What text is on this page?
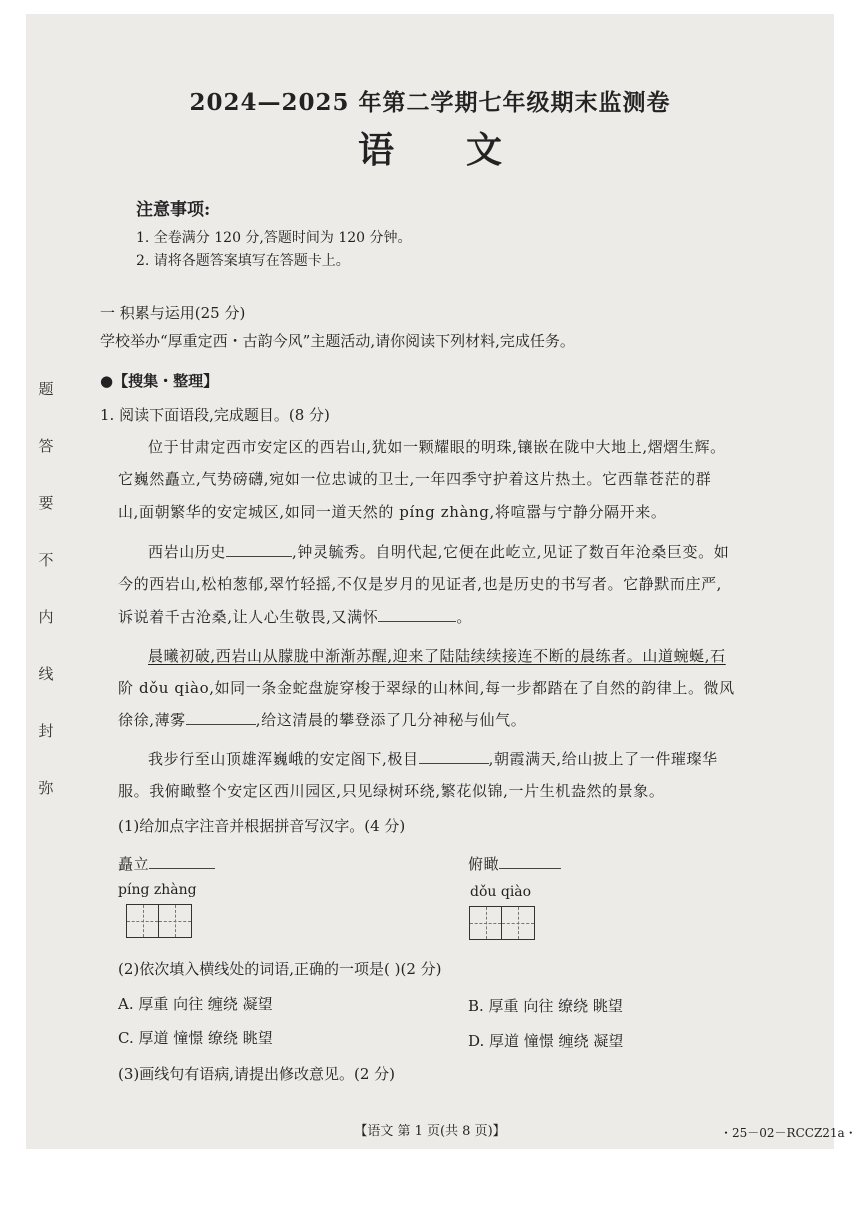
题
答
要
不
内
线
封
弥
2024—2025 年第二学期七年级期末监测卷
语文
注意事项:
1. 全卷满分 120 分,答题时间为 120 分钟。
2. 请将各题答案填写在答题卡上。
一 积累与运用(25 分)
学校举办“厚重定西・古韵今风”主题活动,请你阅读下列材料,完成任务。
●【搜集・整理】
1. 阅读下面语段,完成题目。(8 分)
位于甘肃定西市安定区的西岩山,犹如一颗耀眼的明珠,镶嵌在陇中大地上,熠熠生辉。
它巍然矗立,气势磅礴,宛如一位忠诚的卫士,一年四季守护着这片热土。它西靠苍茫的群
山,面朝繁华的安定城区,如同一道天然的 píng zhàng,将喧嚣与宁静分隔开来。
西岩山历史	,钟灵毓秀。自明代起,它便在此屹立,见证了数百年沧桑巨变。如
今的西岩山,松柏葱郁,翠竹轻摇,不仅是岁月的见证者,也是历史的书写者。它静默而庄严,
诉说着千古沧桑,让人心生敬畏,又满怀	。
晨曦初破,西岩山从朦胧中渐渐苏醒,迎来了陆陆续续接连不断的晨练者。山道蜿蜒,石
阶 dǒu qiào,如同一条金蛇盘旋穿梭于翠绿的山林间,每一步都踏在了自然的韵律上。微风
徐徐,薄雾	,给这清晨的攀登添了几分神秘与仙气。
我步行至山顶雄浑巍峨的安定阁下,极目	,朝霞满天,给山披上了一件璀璨华
服。我俯瞰整个安定区西川园区,只见绿树环绕,繁花似锦,一片生机盎然的景象。
(1)给加点字注音并根据拼音写汉字。(4 分)
矗立	俯瞰
píng zhàng	dǒu qiào
(2)依次填入横线处的词语,正确的一项是( )(2 分)
A. 厚重 向往 缠绕 凝望	B. 厚重 向往 缭绕 眺望
C. 厚道 憧憬 缭绕 眺望	D. 厚道 憧憬 缠绕 凝望
(3)画线句有语病,请提出修改意见。(2 分)
【语文 第 1 页(共 8 页)】	・25－02－RCCZ21a・
